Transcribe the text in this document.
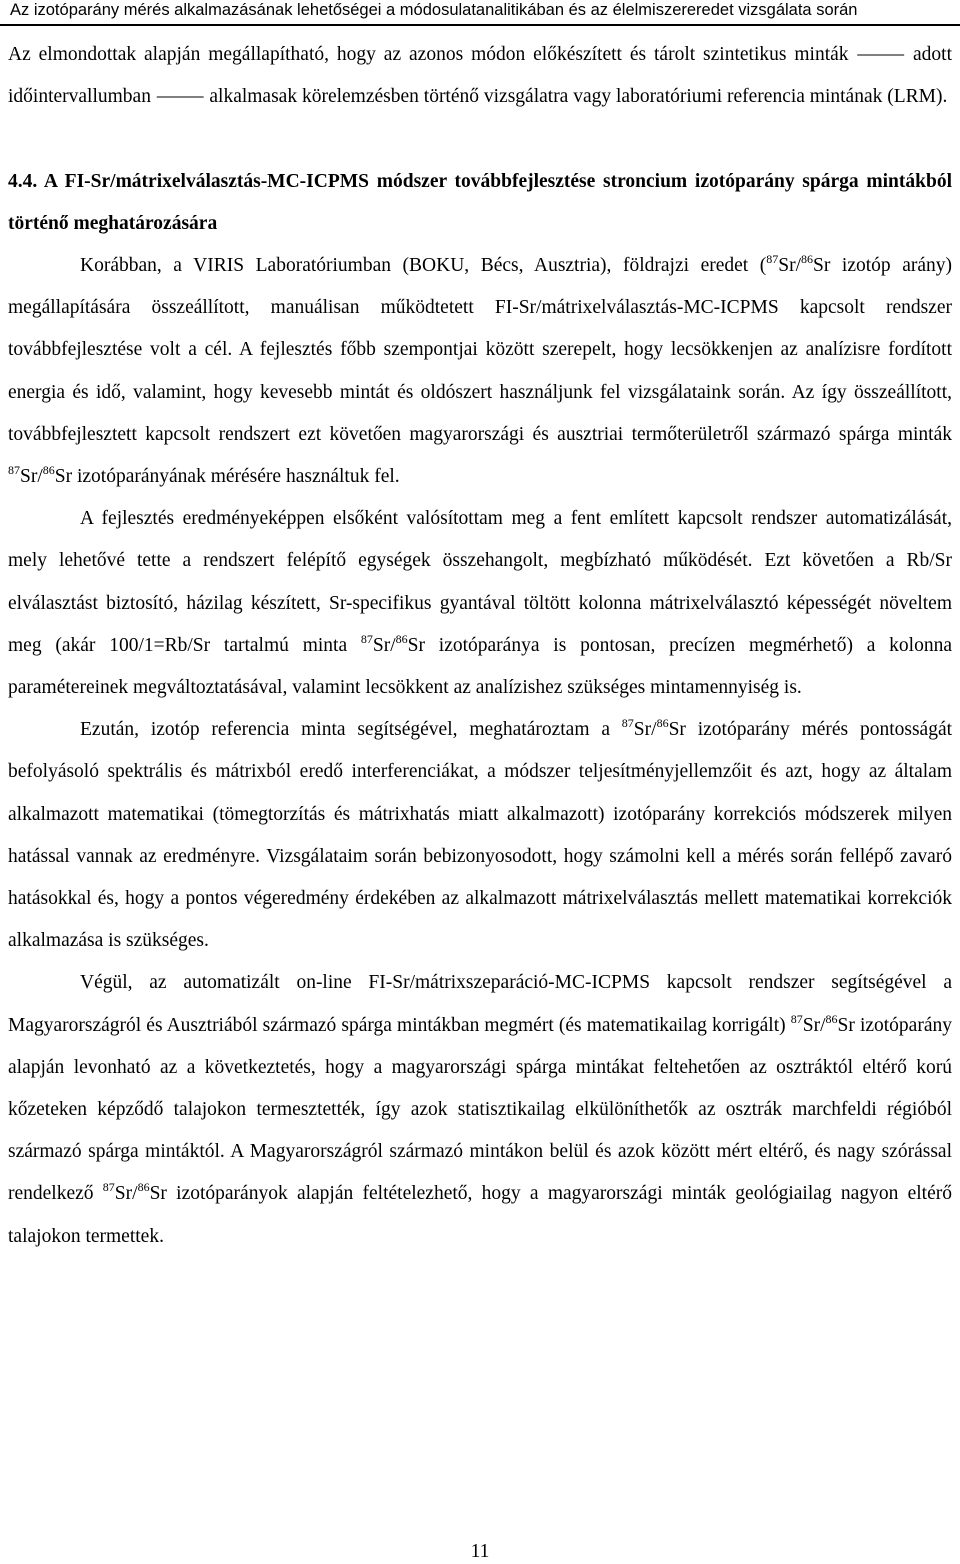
Az izotóparány mérés alkalmazásának lehetőségei a módosulatanalitikában és az élelmiszereredet vizsgálata során

Az elmondottak alapján megállapítható, hogy az azonos módon előkészített és tárolt szintetikus minták ⸻ adott időintervallumban ⸻ alkalmasak körelemzésben történő vizsgálatra vagy laboratóriumi referencia mintának (LRM).

4.4. A FI-Sr/mátrixelválasztás-MC-ICPMS módszer továbbfejlesztése stroncium izotóparány spárga mintákból történő meghatározására

Korábban, a VIRIS Laboratóriumban (BOKU, Bécs, Ausztria), földrajzi eredet ($^{87}$Sr/$^{86}$Sr izotóp arány) megállapítására összeállított, manuálisan működtetett FI-Sr/mátrixelválasztás-MC-ICPMS kapcsolt rendszer továbbfejlesztése volt a cél. A fejlesztés főbb szempontjai között szerepelt, hogy lecsökkenjen az analízisre fordított energia és idő, valamint, hogy kevesebb mintát és oldószert használjunk fel vizsgálataink során. Az így összeállított, továbbfejlesztett kapcsolt rendszert ezt követően magyarországi és ausztriai termőterületről származó spárga minták $^{87}$Sr/$^{86}$Sr izotóparányának mérésére használtuk fel.

A fejlesztés eredményeképpen elsőként valósítottam meg a fent említett kapcsolt rendszer automatizálását, mely lehetővé tette a rendszert felépítő egységek összehangolt, megbízható működését. Ezt követően a Rb/Sr elválasztást biztosító, házilag készített, Sr-specifikus gyantával töltött kolonna mátrixelválasztó képességét növeltem meg (akár 100/1=Rb/Sr tartalmú minta $^{87}$Sr/$^{86}$Sr izotóparánya is pontosan, precízen megmérhető) a kolonna paramétereinek megváltoztatásával, valamint lecsökkent az analízishez szükséges mintamennyiség is.

Ezután, izotóp referencia minta segítségével, meghatároztam a $^{87}$Sr/$^{86}$Sr izotóparány mérés pontosságát befolyásoló spektrális és mátrixból eredő interferenciákat, a módszer teljesítményjellemzőit és azt, hogy az általam alkalmazott matematikai (tömegtorzítás és mátrixhatás miatt alkalmazott) izotóparány korrekciós módszerek milyen hatással vannak az eredményre. Vizsgálataim során bebizonyosodott, hogy számolni kell a mérés során fellépő zavaró hatásokkal és, hogy a pontos végeredmény érdekében az alkalmazott mátrixelválasztás mellett matematikai korrekciók alkalmazása is szükséges.

Végül, az automatizált on-line FI-Sr/mátrixszeparáció-MC-ICPMS kapcsolt rendszer segítségével a Magyarországról és Ausztriából származó spárga mintákban megmért (és matematikailag korrigált) $^{87}$Sr/$^{86}$Sr izotóparány alapján levonható az a következtetés, hogy a magyarországi spárga mintákat feltehetően az osztráktól eltérő korú kőzeteken képződő talajokon termesztették, így azok statisztikailag elkülöníthetők az osztrák marchfeldi régióból származó spárga mintáktól. A Magyarországról származó mintákon belül és azok között mért eltérő, és nagy szórással rendelkező $^{87}$Sr/$^{86}$Sr izotóparányok alapján feltételezhető, hogy a magyarországi minták geológiailag nagyon eltérő talajokon termettek.

11
